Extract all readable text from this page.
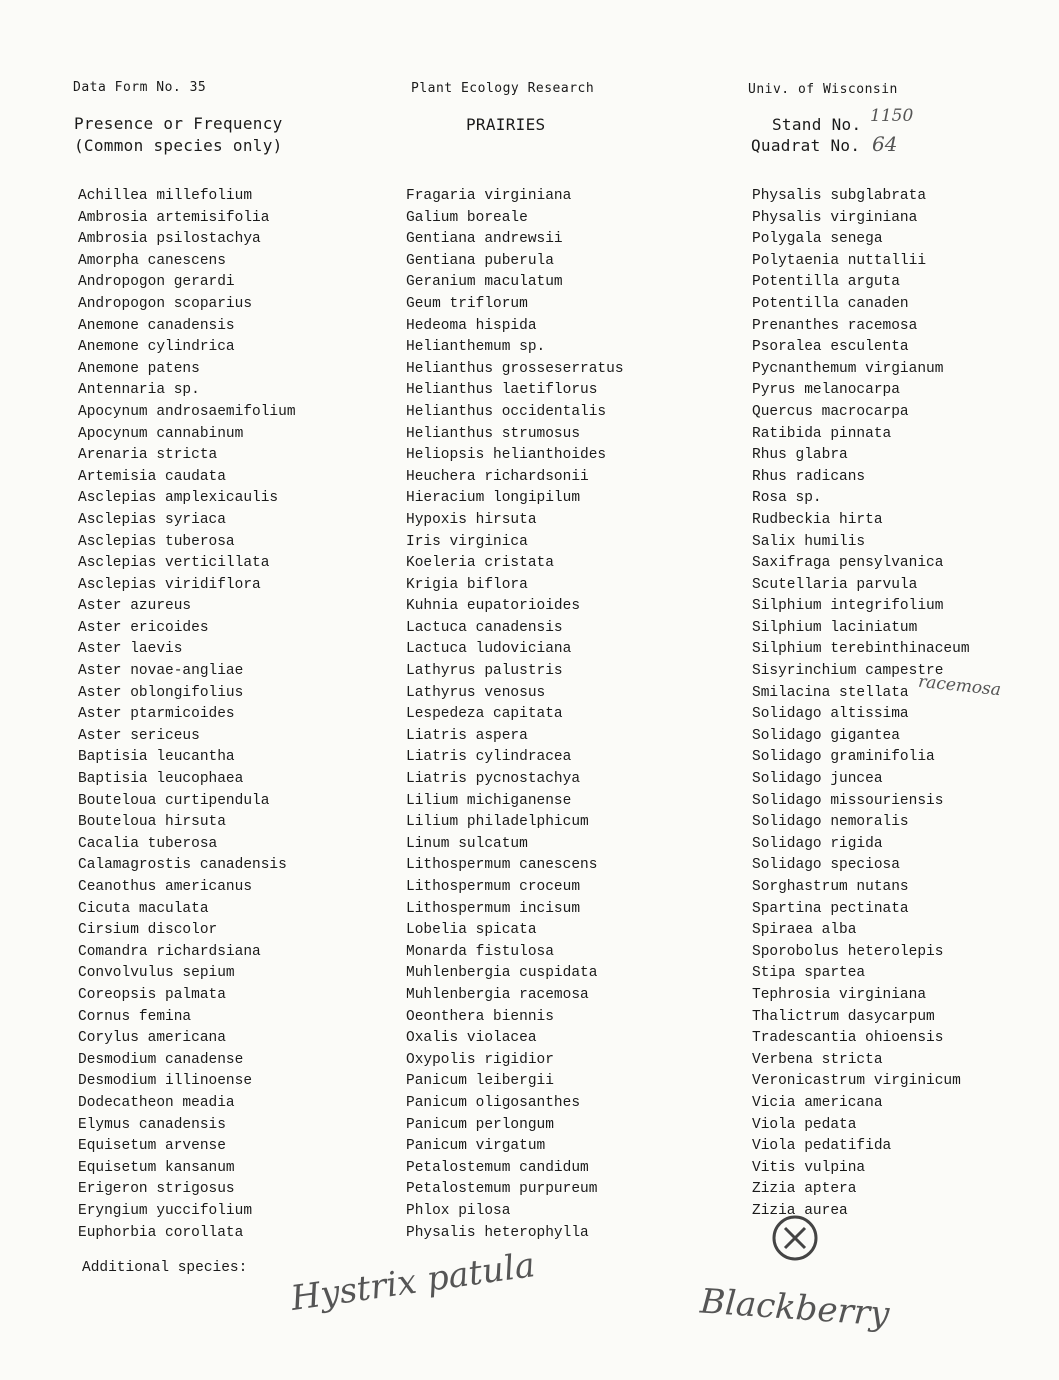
Data Form No. 35	Plant Ecology Research	Univ. of Wisconsin
Presence or Frequency
(Common species only)
PRAIRIES	Stand No. 1150
Quadrat No. 64
Achillea millefolium
Ambrosia artemisifolia
Ambrosia psilostachya
Amorpha canescens
Andropogon gerardi
Andropogon scoparius
Anemone canadensis
Anemone cylindrica
Anemone patens
Antennaria sp.
Apocynum androsaemifolium
Apocynum cannabinum
Arenaria stricta
Artemisia caudata
Asclepias amplexicaulis
Asclepias syriaca
Asclepias tuberosa
Asclepias verticillata
Asclepias viridiflora
Aster azureus
Aster ericoides
Aster laevis
Aster novae-angliae
Aster oblongifolius
Aster ptarmicoides
Aster sericeus
Baptisia leucantha
Baptisia leucophaea
Bouteloua curtipendula
Bouteloua hirsuta
Cacalia tuberosa
Calamagrostis canadensis
Ceanothus americanus
Cicuta maculata
Cirsium discolor
Comandra richardsiana
Convolvulus sepium
Coreopsis palmata
Cornus femina
Corylus americana
Desmodium canadense
Desmodium illinoense
Dodecatheon meadia
Elymus canadensis
Equisetum arvense
Equisetum kansanum
Erigeron strigosus
Eryngium yuccifolium
Euphorbia corollata
Fragaria virginiana
Galium boreale
Gentiana andrewsii
Gentiana puberula
Geranium maculatum
Geum triflorum
Hedeoma hispida
Helianthemum sp.
Helianthus grosseserratus
Helianthus laetiflorus
Helianthus occidentalis
Helianthus strumosus
Heliopsis helianthoides
Heuchera richardsonii
Hieracium longipilum
Hypoxis hirsuta
Iris virginica
Koeleria cristata
Krigia biflora
Kuhnia eupatorioides
Lactuca canadensis
Lactuca ludoviciana
Lathyrus palustris
Lathyrus venosus
Lespedeza capitata
Liatris aspera
Liatris cylindracea
Liatris pycnostachya
Lilium michiganense
Lilium philadelphicum
Linum sulcatum
Lithospermum canescens
Lithospermum croceum
Lithospermum incisum
Lobelia spicata
Monarda fistulosa
Muhlenbergia cuspidata
Muhlenbergia racemosa
Oeonthera biennis
Oxalis violacea
Oxypolis rigidior
Panicum leibergii
Panicum oligosanthes
Panicum perlongum
Panicum virgatum
Petalostemum candidum
Petalostemum purpureum
Phlox pilosa
Physalis heterophylla
Physalis subglabrata
Physalis virginiana
Polygala senega
Polytaenia nuttallii
Potentilla arguta
Potentilla canaden
Prenanthes racemosa
Psoralea esculenta
Pycnanthemum virgianum
Pyrus melanocarpa
Quercus macrocarpa
Ratibida pinnata
Rhus glabra
Rhus radicans
Rosa sp.
Rudbeckia hirta
Salix humilis
Saxifraga pensylvanica
Scutellaria parvula
Silphium integrifolium
Silphium laciniatum
Silphium terebinthinaceum
Sisyrinchium campestre
Smilacina stellata
Solidago altissima
Solidago gigantea
Solidago graminifolia
Solidago juncea
Solidago missouriensis
Solidago nemoralis
Solidago rigida
Solidago speciosa
Sorghastrum nutans
Spartina pectinata
Spiraea alba
Sporobolus heterolepis
Stipa spartea
Tephrosia virginiana
Thalictrum dasycarpum
Tradescantia ohioensis
Verbena stricta
Veronicastrum virginicum
Vicia americana
Viola pedata
Viola pedatifida
Vitis vulpina
Zizia aptera
Zizia aurea
racemosa
Additional species: Hystrix patula	Blackberry
